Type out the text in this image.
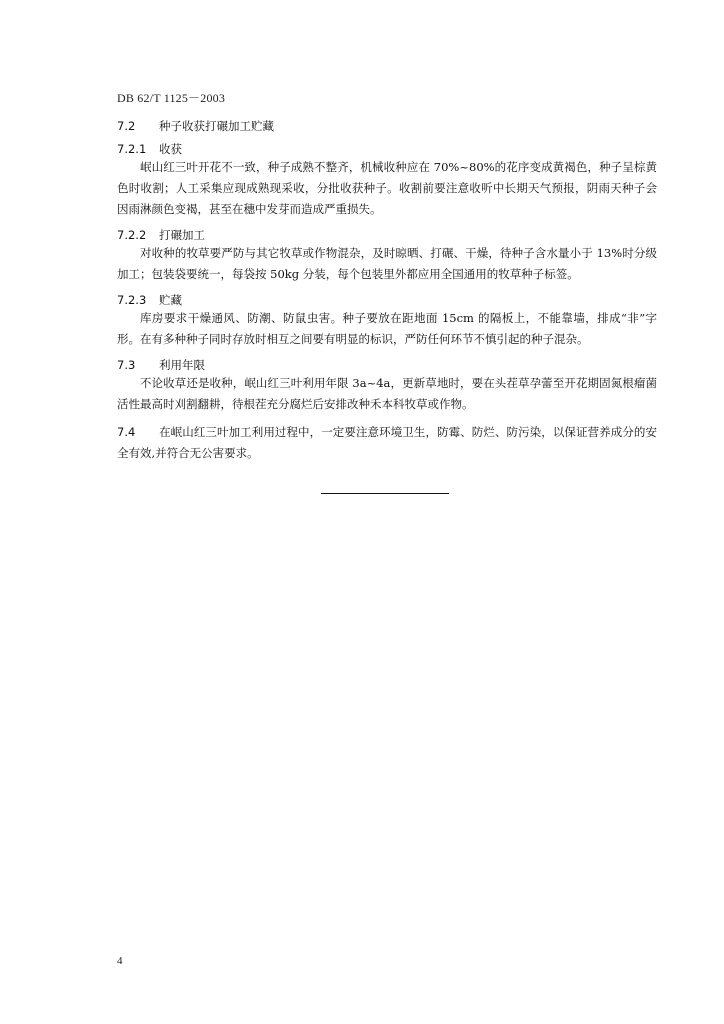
DB 62/T 1125－2003

7.2 种子收获打碾加工贮藏

7.2.1 收获

岷山红三叶开花不一致，种子成熟不整齐，机械收种应在 70%~80%的花序变成黄褐色，种子呈棕黄色时收割；人工采集应现成熟现采收，分批收获种子。收割前要注意收听中长期天气预报，阴雨天种子会因雨淋颜色变褐，甚至在穗中发芽而造成严重损失。

7.2.2 打碾加工

对收种的牧草要严防与其它牧草或作物混杂，及时晾晒、打碾、干燥，待种子含水量小于 13%时分级加工；包装袋要统一，每袋按 50kg 分装，每个包装里外都应用全国通用的牧草种子标签。

7.2.3 贮藏

库房要求干燥通风、防潮、防鼠虫害。种子要放在距地面 15cm 的隔板上，不能靠墙，排成“非”字形。在有多种种子同时存放时相互之间要有明显的标识，严防任何环节不慎引起的种子混杂。

7.3 利用年限

不论收草还是收种，岷山红三叶利用年限 3a~4a，更新草地时，要在头茬草孕蕾至开花期固氮根瘤菌活性最高时刈割翻耕，待根茬充分腐烂后安排改种禾本科牧草或作物。

7.4 在岷山红三叶加工利用过程中，一定要注意环境卫生，防霉、防烂、防污染，以保证营养成分的安全有效,并符合无公害要求。

4
